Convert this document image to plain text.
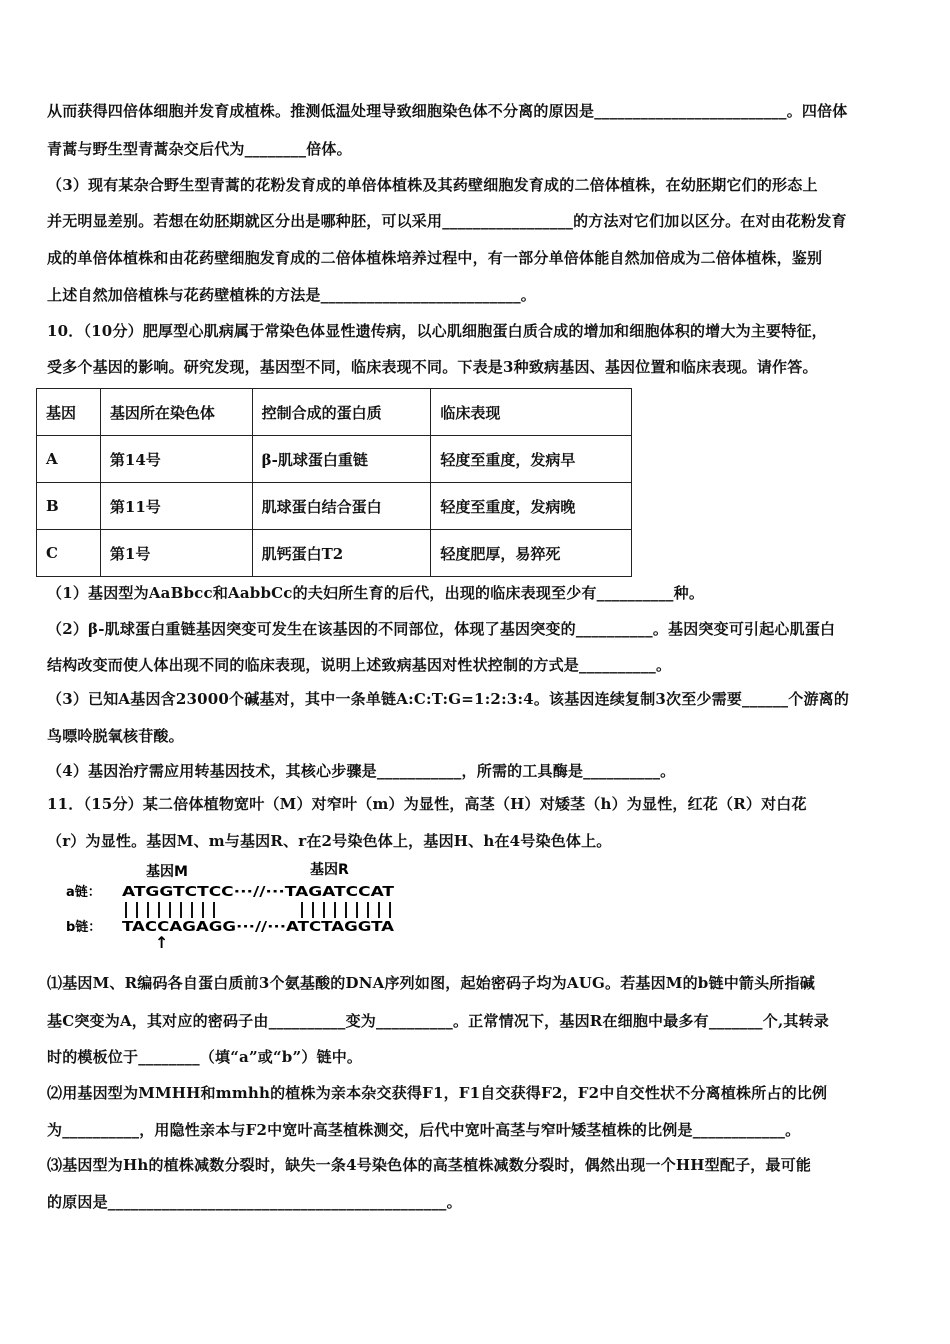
从而获得四倍体细胞并发育成植株。推测低温处理导致细胞染色体不分离的原因是_________________________。四倍体
青蒿与野生型青蒿杂交后代为________倍体。
（3）现有某杂合野生型青蒿的花粉发育成的单倍体植株及其药壁细胞发育成的二倍体植株，在幼胚期它们的形态上
并无明显差别。若想在幼胚期就区分出是哪种胚，可以采用_________________的方法对它们加以区分。在对由花粉发育
成的单倍体植株和由花药壁细胞发育成的二倍体植株培养过程中，有一部分单倍体能自然加倍成为二倍体植株，鉴别
上述自然加倍植株与花药壁植株的方法是__________________________。
10．（10分）肥厚型心肌病属于常染色体显性遗传病，以心肌细胞蛋白质合成的增加和细胞体积的增大为主要特征，
受多个基因的影响。研究发现，基因型不同，临床表现不同。下表是3种致病基因、基因位置和临床表现。请作答。
基因	基因所在染色体	控制合成的蛋白质	临床表现
A	第14号	β-肌球蛋白重链	轻度至重度，发病早
B	第11号	肌球蛋白结合蛋白	轻度至重度，发病晚
C	第1号	肌钙蛋白T2	轻度肥厚，易猝死
（1）基因型为AaBbcc和AabbCc的夫妇所生育的后代，出现的临床表现至少有__________种。
（2）β-肌球蛋白重链基因突变可发生在该基因的不同部位，体现了基因突变的__________。基因突变可引起心肌蛋白
结构改变而使人体出现不同的临床表现，说明上述致病基因对性状控制的方式是__________。
（3）已知A基因含23000个碱基对，其中一条单链A:C:T:G=1:2:3:4。该基因连续复制3次至少需要______个游离的
鸟嘌呤脱氧核苷酸。
（4）基因治疗需应用转基因技术，其核心步骤是___________，所需的工具酶是__________。
11．（15分）某二倍体植物宽叶（M）对窄叶（m）为显性，高茎（H）对矮茎（h）为显性，红花（R）对白花
（r）为显性。基因M、m与基因R、r在2号染色体上，基因H、h在4号染色体上。
基因M	基因R
a链：
b链：
ATGGTCTCC···//···TAGATCCAT
TACCAGAGG···//···ATCTAGGTA
↑
⑴基因M、R编码各自蛋白质前3个氨基酸的DNA序列如图，起始密码子均为AUG。若基因M的b链中箭头所指碱
基C突变为A，其对应的密码子由__________变为__________。正常情况下，基因R在细胞中最多有_______个,其转录
时的模板位于________（填“a”或“b”）链中。
⑵用基因型为MMHH和mmhh的植株为亲本杂交获得F1，F1自交获得F2，F2中自交性状不分离植株所占的比例
为__________，用隐性亲本与F2中宽叶高茎植株测交，后代中宽叶高茎与窄叶矮茎植株的比例是____________。
⑶基因型为Hh的植株减数分裂时，缺失一条4号染色体的高茎植株减数分裂时，偶然出现一个HH型配子，最可能
的原因是____________________________________________。
